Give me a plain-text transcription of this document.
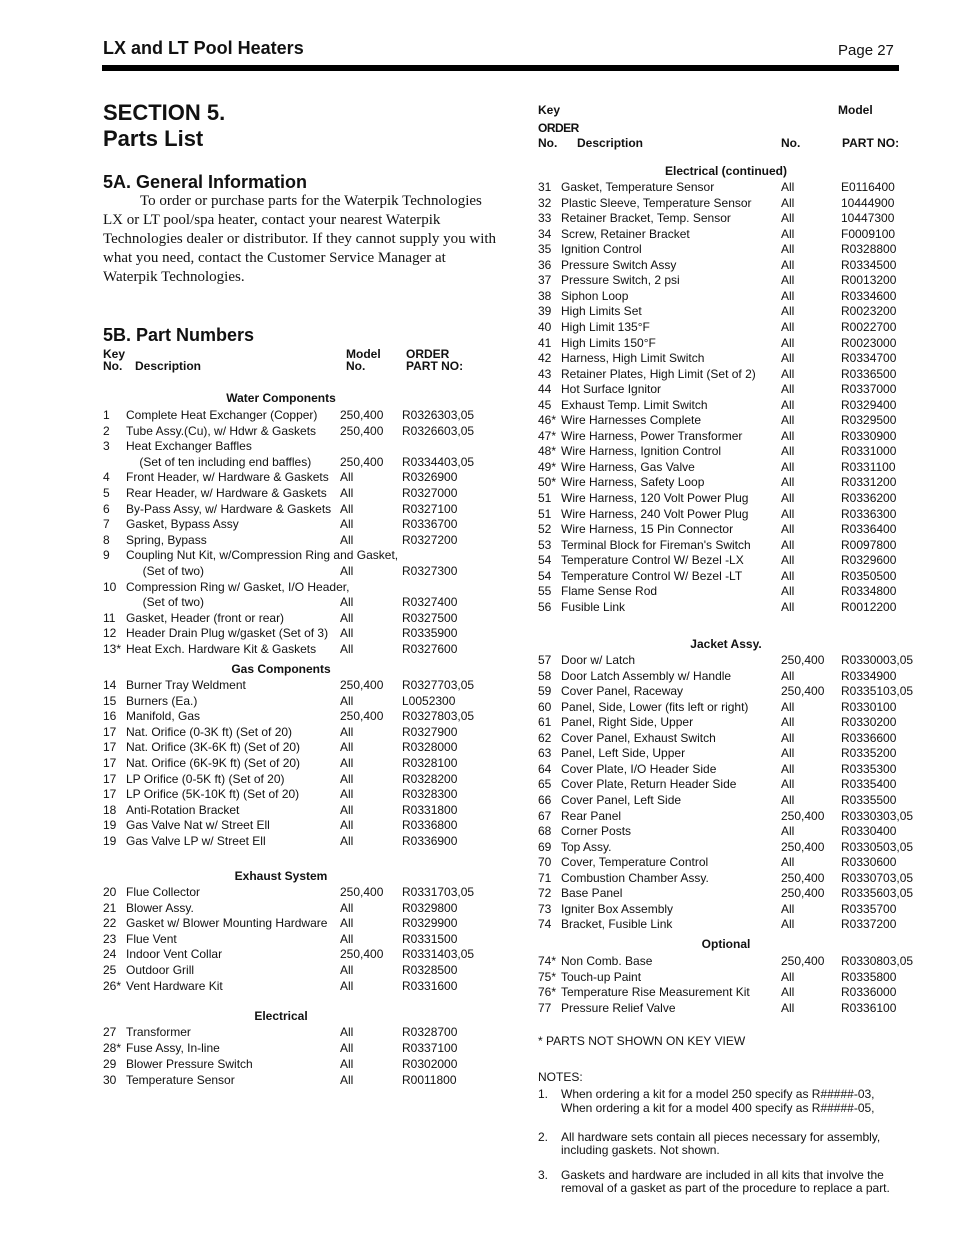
LX and LT Pool Heaters	Page 27
SECTION 5.
Parts List
5A. General Information
To order or purchase parts for the Waterpik Technologies LX or LT pool/spa heater, contact your nearest Waterpik Technologies dealer or distributor. If they cannot supply you with what you need, contact the Customer Service Manager at Waterpik Technologies.
5B. Part Numbers
Key
No. Description
Model
No.
ORDER
PART NO:
Key	Model
ORDER
No. Description	No.	PART NO:
Water Components
1 Complete Heat Exchanger (Copper) 250,400 R0326303,05
2 Tube Assy.(Cu), w/ Hdwr & Gaskets 250,400 R0326603,05
3 Heat Exchanger Baffles
(Set of ten including end baffles) 250,400 R0334403,05
4 Front Header, w/ Hardware & Gaskets All	R0326900
5 Rear Header, w/ Hardware & Gaskets All	R0327000
6 By-Pass Assy, w/ Hardware & Gaskets All	R0327100
7 Gasket, Bypass Assy	All	R0336700
8 Spring, Bypass	All	R0327200
9 Coupling Nut Kit, w/Compression Ring and Gasket,
(Set of two)	All	R0327300
10 Compression Ring w/ Gasket, I/O Header,
(Set of two)	All	R0327400
11 Gasket, Header (front or rear)	All	R0327500
12 Header Drain Plug w/gasket (Set of 3) All	R0335900
13* Heat Exch. Hardware Kit & Gaskets All	R0327600
Gas Components
14 Burner Tray Weldment	250,400 R0327703,05
15 Burners (Ea.)	All	L0052300
16 Manifold, Gas	250,400 R0327803,05
17 Nat. Orifice (0-3K ft) (Set of 20)	All	R0327900
17 Nat. Orifice (3K-6K ft) (Set of 20)	All	R0328000
17 Nat. Orifice (6K-9K ft) (Set of 20)	All	R0328100
17 LP Orifice (0-5K ft) (Set of 20)	All	R0328200
17 LP Orifice (5K-10K ft) (Set of 20)	All	R0328300
18 Anti-Rotation Bracket	All	R0331800
19 Gas Valve Nat w/ Street Ell	All	R0336800
19 Gas Valve LP w/ Street Ell	All	R0336900
Exhaust System
20 Flue Collector	250,400 R0331703,05
21 Blower Assy.	All	R0329800
22 Gasket w/ Blower Mounting Hardware All	R0329900
23 Flue Vent	All	R0331500
24 Indoor Vent Collar	250,400 R0331403,05
25 Outdoor Grill	All	R0328500
26* Vent Hardware Kit	All	R0331600
Electrical
27 Transformer	All	R0328700
28* Fuse Assy, In-line	All	R0337100
29 Blower Pressure Switch	All	R0302000
30 Temperature Sensor	All	R0011800
Electrical (continued)
31 Gasket, Temperature Sensor	All	E0116400
32 Plastic Sleeve, Temperature Sensor All	10444900
33 Retainer Bracket, Temp. Sensor	All	10447300
34 Screw, Retainer Bracket	All	F0009100
35 Ignition Control	All	R0328800
36 Pressure Switch Assy	All	R0334500
37 Pressure Switch, 2 psi	All	R0013200
38 Siphon Loop	All	R0334600
39 High Limits Set	All	R0023200
40 High Limit 135°F	All	R0022700
41 High Limits 150°F	All	R0023000
42 Harness, High Limit Switch	All	R0334700
43 Retainer Plates, High Limit (Set of 2) All	R0336500
44 Hot Surface Ignitor	All	R0337000
45 Exhaust Temp. Limit Switch	All	R0329400
46* Wire Harnesses Complete	All	R0329500
47* Wire Harness, Power Transformer	All	R0330900
48* Wire Harness, Ignition Control	All	R0331000
49* Wire Harness, Gas Valve	All	R0331100
50* Wire Harness, Safety Loop	All	R0331200
51 Wire Harness, 120 Volt Power Plug	All	R0336200
51 Wire Harness, 240 Volt Power Plug	All	R0336300
52 Wire Harness, 15 Pin Connector	All	R0336400
53 Terminal Block for Fireman's Switch	All	R0097800
54 Temperature Control W/ Bezel -LX	All	R0329600
54 Temperature Control W/ Bezel -LT	All	R0350500
55 Flame Sense Rod	All	R0334800
56 Fusible Link	All	R0012200
Jacket Assy.
57 Door w/ Latch	250,400 R0330003,05
58 Door Latch Assembly w/ Handle	All	R0334900
59 Cover Panel, Raceway	250,400 R0335103,05
60 Panel, Side, Lower (fits left or right)	All	R0330100
61 Panel, Right Side, Upper	All	R0330200
62 Cover Panel, Exhaust Switch	All	R0336600
63 Panel, Left Side, Upper	All	R0335200
64 Cover Plate, I/O Header Side	All	R0335300
65 Cover Plate, Return Header Side	All	R0335400
66 Cover Panel, Left Side	All	R0335500
67 Rear Panel	250,400 R0330303,05
68 Corner Posts	All	R0330400
69 Top Assy.	250,400 R0330503,05
70 Cover, Temperature Control	All	R0330600
71 Combustion Chamber Assy.	250,400 R0330703,05
72 Base Panel	250,400 R0335603,05
73 Igniter Box Assembly	All	R0335700
74 Bracket, Fusible Link	All	R0337200
Optional
74* Non Comb. Base	250,400 R0330803,05
75* Touch-up Paint	All	R0335800
76* Temperature Rise Measurement Kit	All	R0336000
77 Pressure Relief Valve	All	R0336100
* PARTS NOT SHOWN ON KEY VIEW
NOTES:
1. When ordering a kit for a model 250 specify as R#####-03,
When ordering a kit for a model 400 specify as R#####-05,
2. All hardware sets contain all pieces necessary for assembly,
including gaskets. Not shown.
3. Gaskets and hardware are included in all kits that involve the
removal of a gasket as part of the procedure to replace a part.
